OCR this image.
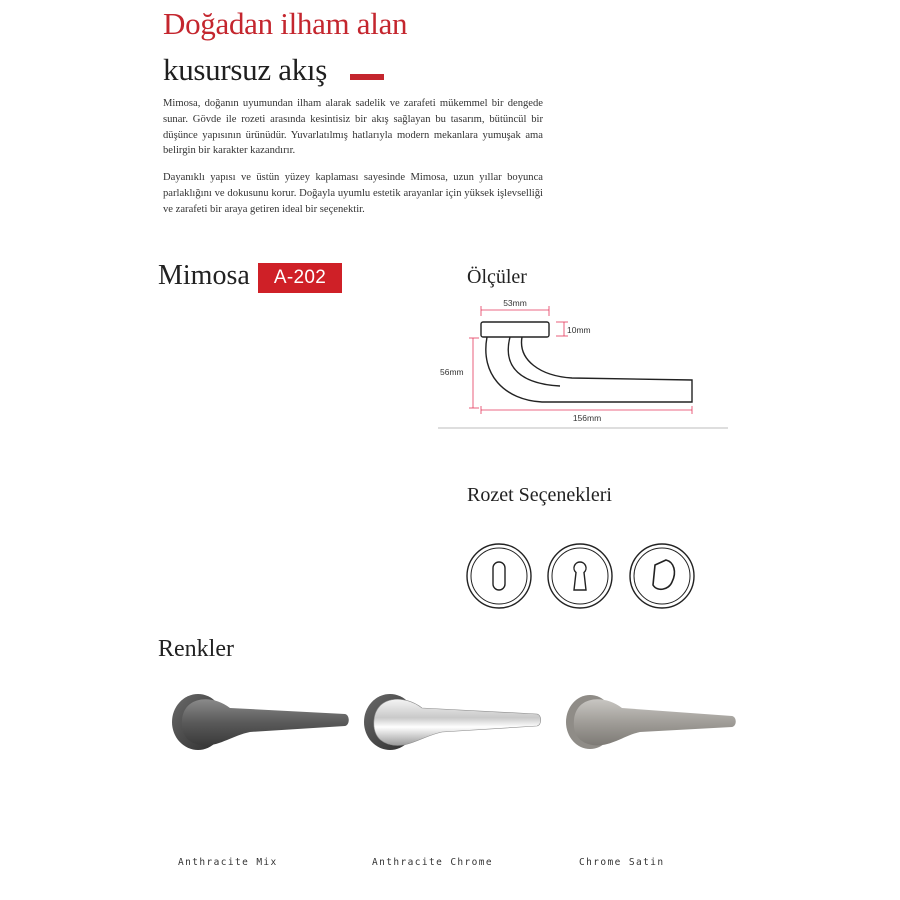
Doğadan ilham alan
kusursuz akış
Mimosa, doğanın uyumundan ilham alarak sadelik ve zarafeti mükemmel bir dengede sunar. Gövde ile rozeti arasında kesintisiz bir akış sağlayan bu tasarım, bütüncül bir düşünce yapısının ürünüdür. Yuvarlatılmış hatlarıyla modern mekanlara yumuşak ama belirgin bir karakter kazandırır.
Dayanıklı yapısı ve üstün yüzey kaplaması sayesinde Mimosa, uzun yıllar boyunca parlaklığını ve dokusunu korur. Doğayla uyumlu estetik arayanlar için yüksek işlevselliği ve zarafeti bir araya getiren ideal bir seçenektir.
Mimosa	A-202	Ölçüler
53mm
10mm
56mm
156mm
Rozet Seçenekleri
Renkler
Anthracite Mix	Anthracite Chrome	Chrome Satin
